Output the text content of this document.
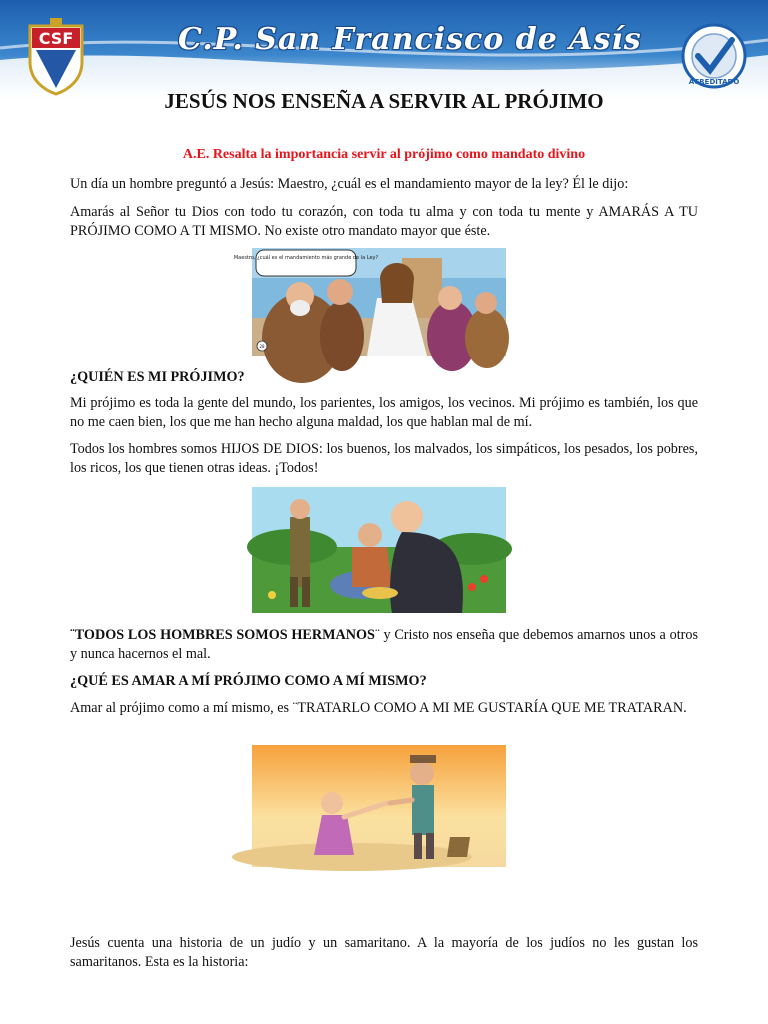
CSF	C.P. San Francisco de Asís
ACREDITADO
JESÚS NOS ENSEÑA A SERVIR AL PRÓJIMO
A.E. Resalta la importancia servir al prójimo como mandato divino

Un día un hombre preguntó a Jesús: Maestro, ¿cuál es el mandamiento mayor de la ley? Él le dijo:

Amarás al Señor tu Dios con todo tu corazón, con toda tu alma y con toda tu mente y AMARÁS A TU PRÓJIMO COMO A TI MISMO. No existe otro mandato mayor que éste.

Maestro, ¿cuál es el mandamiento más grande de la Ley?
28
¿QUIÉN ES MI PRÓJIMO?

Mi prójimo es toda la gente del mundo, los parientes, los amigos, los vecinos. Mi prójimo es también, los que no me caen bien, los que me han hecho alguna maldad, los que hablan mal de mí.

Todos los hombres somos HIJOS DE DIOS: los buenos, los malvados, los simpáticos, los pesados, los pobres, los ricos, los que tienen otras ideas. ¡Todos!

¨TODOS LOS HOMBRES SOMOS HERMANOS¨ y Cristo nos enseña que debemos amarnos unos a otros y nunca hacernos el mal.

¿QUÉ ES AMAR A MÍ PRÓJIMO COMO A MÍ MISMO?

Amar al prójimo como a mí mismo, es ¨TRATARLO COMO A MI ME GUSTARÍA QUE ME TRATARAN.

Jesús cuenta una historia de un judío y un samaritano. A la mayoría de los judíos no les gustan los samaritanos. Esta es la historia:
